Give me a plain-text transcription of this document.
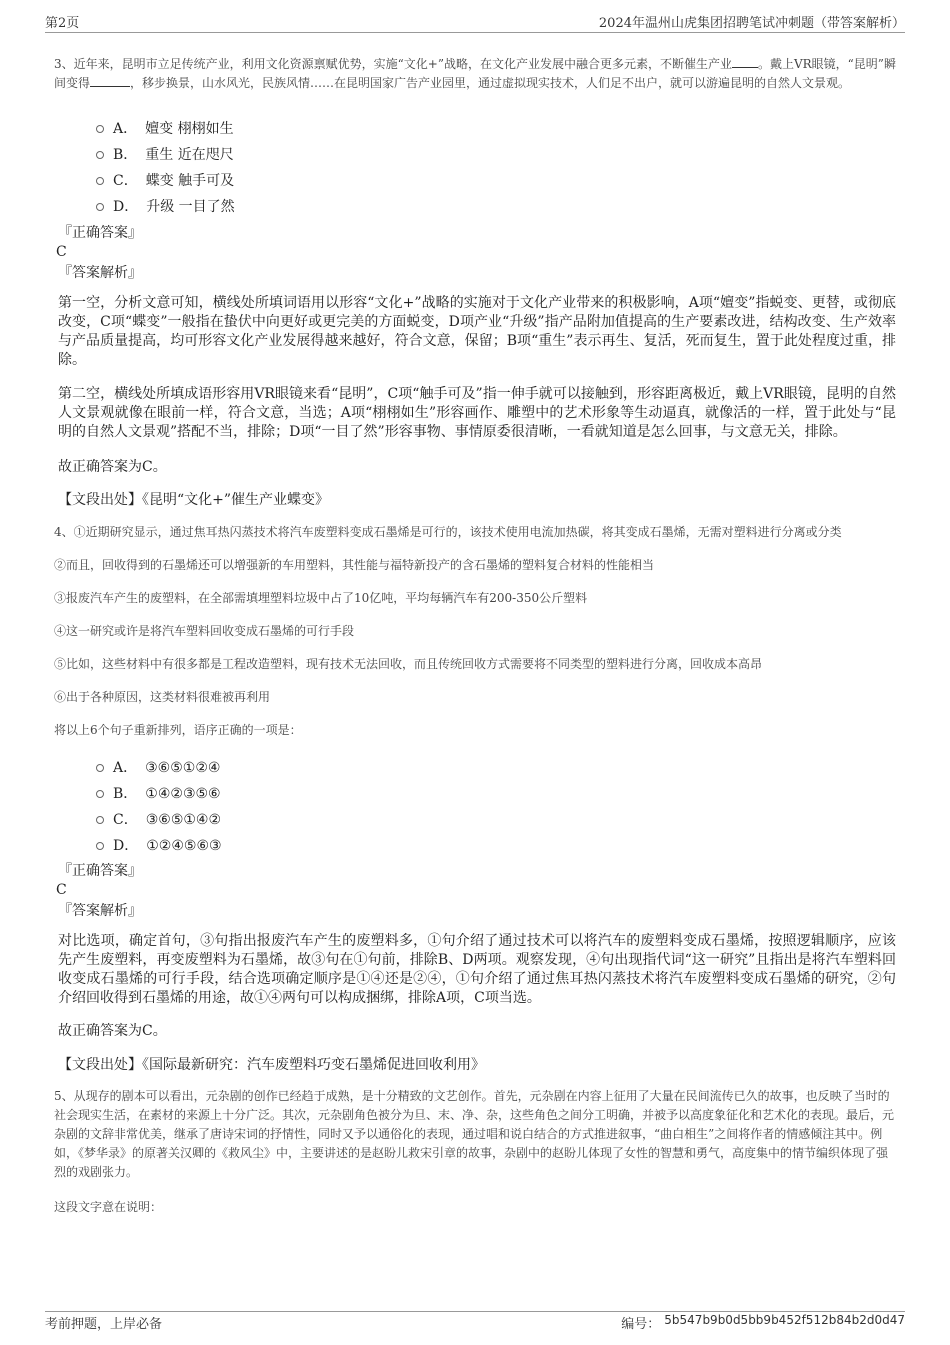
第2页	2024年温州山虎集团招聘笔试冲刺题（带答案解析）

3、近年来，昆明市立足传统产业，利用文化资源禀赋优势，实施“文化+”战略，在文化产业发展中融合更多元素，不断催生产业 。戴上VR眼镜，“昆明”瞬间变得	，移步换景，山水风光，民族风情……在昆明国家广告产业园里，通过虚拟现实技术，人们足不出户，就可以游遍昆明的自然人文景观。

A． 嬗变 栩栩如生
B． 重生 近在咫尺
C． 蝶变 触手可及
D． 升级 一目了然

『正确答案』

C

『答案解析』

第一空，分析文意可知，横线处所填词语用以形容“文化+”战略的实施对于文化产业带来的积极影响，A项“嬗变”指蜕变、更替，或彻底改变，C项“蝶变”一般指在蛰伏中向更好或更完美的方面蜕变，D项产业“升级”指产品附加值提高的生产要素改进，结构改变、生产效率与产品质量提高，均可形容文化产业发展得越来越好，符合文意，保留；B项“重生”表示再生、复活，死而复生，置于此处程度过重，排除。

第二空，横线处所填成语形容用VR眼镜来看“昆明”，C项“触手可及”指一伸手就可以接触到，形容距离极近，戴上VR眼镜，昆明的自然人文景观就像在眼前一样，符合文意，当选；A项“栩栩如生”形容画作、雕塑中的艺术形象等生动逼真，就像活的一样，置于此处与“昆明的自然人文景观”搭配不当，排除；D项“一目了然”形容事物、事情原委很清晰，一看就知道是怎么回事，与文意无关，排除。

故正确答案为C。

【文段出处】《昆明“文化+”催生产业蝶变》

4、①近期研究显示，通过焦耳热闪蒸技术将汽车废塑料变成石墨烯是可行的，该技术使用电流加热碳，将其变成石墨烯，无需对塑料进行分离或分类

②而且，回收得到的石墨烯还可以增强新的车用塑料，其性能与福特新投产的含石墨烯的塑料复合材料的性能相当

③报废汽车产生的废塑料，在全部需填埋塑料垃圾中占了10亿吨，平均每辆汽车有200-350公斤塑料

④这一研究或许是将汽车塑料回收变成石墨烯的可行手段

⑤比如，这些材料中有很多都是工程改造塑料，现有技术无法回收，而且传统回收方式需要将不同类型的塑料进行分离，回收成本高昂

⑥出于各种原因，这类材料很难被再利用

将以上6个句子重新排列，语序正确的一项是：

A． ③⑥⑤①②④
B． ①④②③⑤⑥
C． ③⑥⑤①④②
D． ①②④⑤⑥③

『正确答案』

C

『答案解析』

对比选项，确定首句，③句指出报废汽车产生的废塑料多，①句介绍了通过技术可以将汽车的废塑料变成石墨烯，按照逻辑顺序，应该先产生废塑料，再变废塑料为石墨烯，故③句在①句前，排除B、D两项。观察发现，④句出现指代词“这一研究”且指出是将汽车塑料回收变成石墨烯的可行手段，结合选项确定顺序是①④还是②④，①句介绍了通过焦耳热闪蒸技术将汽车废塑料变成石墨烯的研究，②句介绍回收得到石墨烯的用途，故①④两句可以构成捆绑，排除A项，C项当选。

故正确答案为C。

【文段出处】《国际最新研究：汽车废塑料巧变石墨烯促进回收利用》

5、从现存的剧本可以看出，元杂剧的创作已经趋于成熟，是十分精致的文艺创作。首先，元杂剧在内容上征用了大量在民间流传已久的故事，也反映了当时的社会现实生活，在素材的来源上十分广泛。其次，元杂剧角色被分为旦、末、净、杂，这些角色之间分工明确，并被予以高度象征化和艺术化的表现。最后，元杂剧的文辞非常优美，继承了唐诗宋词的抒情性，同时又予以通俗化的表现，通过唱和说白结合的方式推进叙事，“曲白相生”之间将作者的情感倾注其中。例如，《梦华录》的原著关汉卿的《救风尘》中，主要讲述的是赵盼儿救宋引章的故事，杂剧中的赵盼儿体现了女性的智慧和勇气，高度集中的情节编织体现了强烈的戏剧张力。

这段文字意在说明：

考前押题，上岸必备	编号： 5b547b9b0d5bb9b452f512b84b2d0d47
